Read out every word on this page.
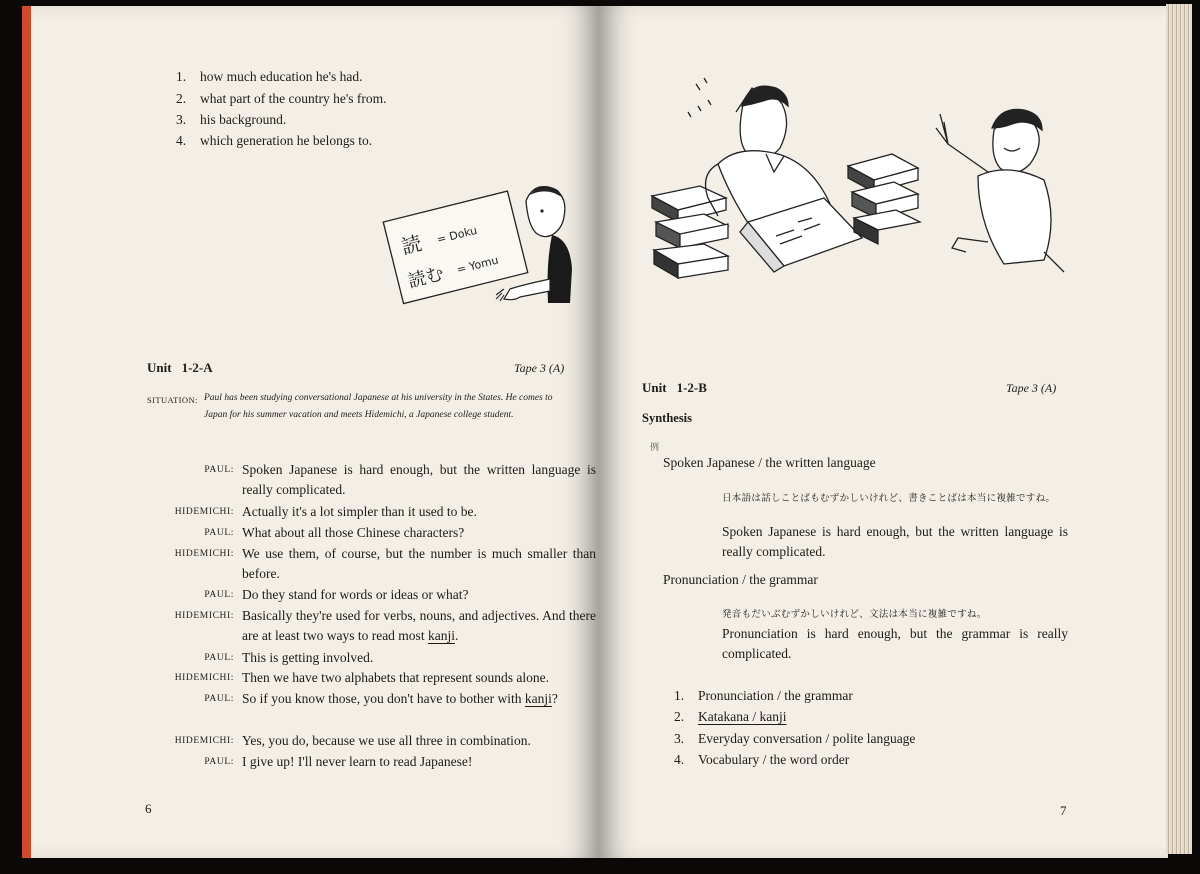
1. how much education he's had.
2. what part of the country he's from.
3. his background.
4. which generation he belongs to.
読 = Doku
読む = Yomu
Unit 1-2-A	Tape 3 (A)
SITUATION: Paul has been studying conversational Japanese at his university in the States. He comes to Japan for his summer vacation and meets Hidemichi, a Japanese college student.
PAUL: Spoken Japanese is hard enough, but the written language is really complicated.
HIDEMICHI: Actually it's a lot simpler than it used to be.
PAUL: What about all those Chinese characters?
HIDEMICHI: We use them, of course, but the number is much smaller than before.
PAUL: Do they stand for words or ideas or what?
HIDEMICHI: Basically they're used for verbs, nouns, and adjectives. And there are at least two ways to read most kanji.
PAUL: This is getting involved.
HIDEMICHI: Then we have two alphabets that represent sounds alone.
PAUL: So if you know those, you don't have to bother with kanji?
HIDEMICHI: Yes, you do, because we use all three in combination.
PAUL: I give up! I'll never learn to read Japanese!
6
Unit 1-2-B	Tape 3 (A)
Synthesis
例
Spoken Japanese / the written language
日本語は話しことばもむずかしいけれど、書きことばは本当に複雑ですね。
Spoken Japanese is hard enough, but the written language is really complicated.
Pronunciation / the grammar
発音もだいぶむずかしいけれど、文法は本当に複雑ですね。
Pronunciation is hard enough, but the grammar is really complicated.
1. Pronunciation / the grammar
2. Katakana / kanji
3. Everyday conversation / polite language
4. Vocabulary / the word order
7
